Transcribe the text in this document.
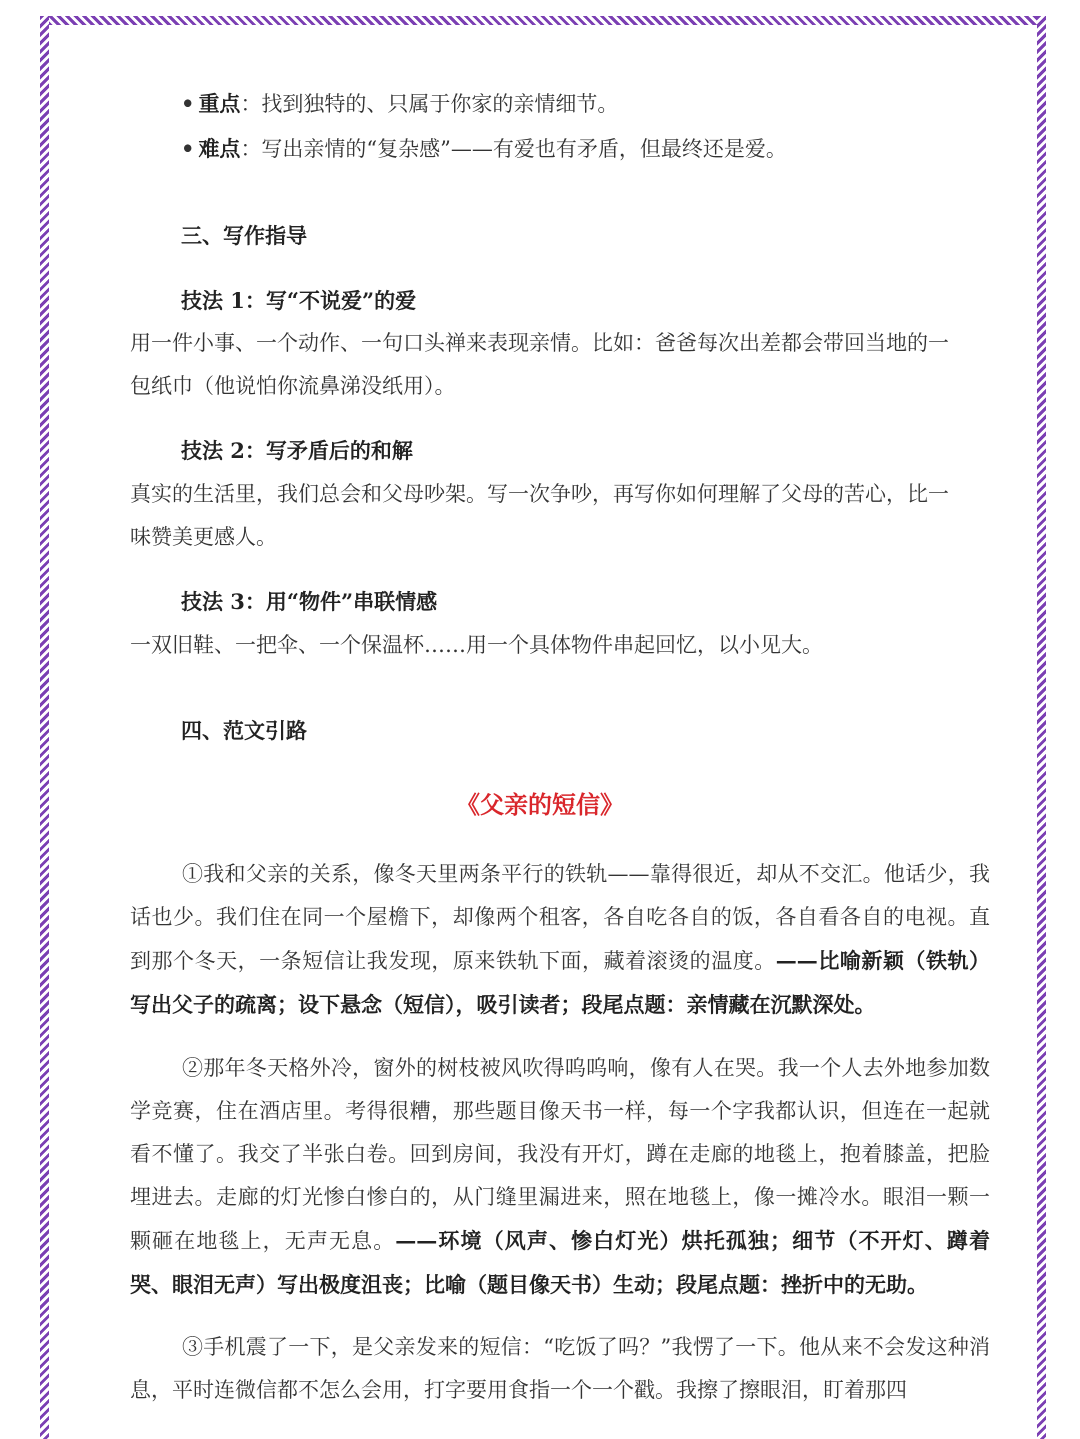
• 重点：找到独特的、只属于你家的亲情细节。
• 难点：写出亲情的“复杂感”——有爱也有矛盾，但最终还是爱。
三、写作指导
技法 1：写“不说爱”的爱
用一件小事、一个动作、一句口头禅来表现亲情。比如：爸爸每次出差都会带回当地的一
包纸巾（他说怕你流鼻涕没纸用）。
技法 2：写矛盾后的和解
真实的生活里，我们总会和父母吵架。写一次争吵，再写你如何理解了父母的苦心，比一
味赞美更感人。
技法 3：用“物件”串联情感
一双旧鞋、一把伞、一个保温杯……用一个具体物件串起回忆，以小见大。
四、范文引路
《父亲的短信》
①我和父亲的关系，像冬天里两条平行的铁轨——靠得很近，却从不交汇。他话少，我话也少。我们住在同一个屋檐下，却像两个租客，各自吃各自的饭，各自看各自的电视。直到那个冬天，一条短信让我发现，原来铁轨下面，藏着滚烫的温度。——比喻新颖（铁轨）写出父子的疏离；设下悬念（短信），吸引读者；段尾点题：亲情藏在沉默深处。
②那年冬天格外冷，窗外的树枝被风吹得呜呜响，像有人在哭。我一个人去外地参加数学竞赛，住在酒店里。考得很糟，那些题目像天书一样，每一个字我都认识，但连在一起就看不懂了。我交了半张白卷。回到房间，我没有开灯，蹲在走廊的地毯上，抱着膝盖，把脸埋进去。走廊的灯光惨白惨白的，从门缝里漏进来，照在地毯上，像一摊冷水。眼泪一颗一颗砸在地毯上，无声无息。——环境（风声、惨白灯光）烘托孤独；细节（不开灯、蹲着哭、眼泪无声）写出极度沮丧；比喻（题目像天书）生动；段尾点题：挫折中的无助。
③手机震了一下，是父亲发来的短信：“吃饭了吗？”我愣了一下。他从来不会发这种消息，平时连微信都不怎么会用，打字要用食指一个一个戳。我擦了擦眼泪，盯着那四
